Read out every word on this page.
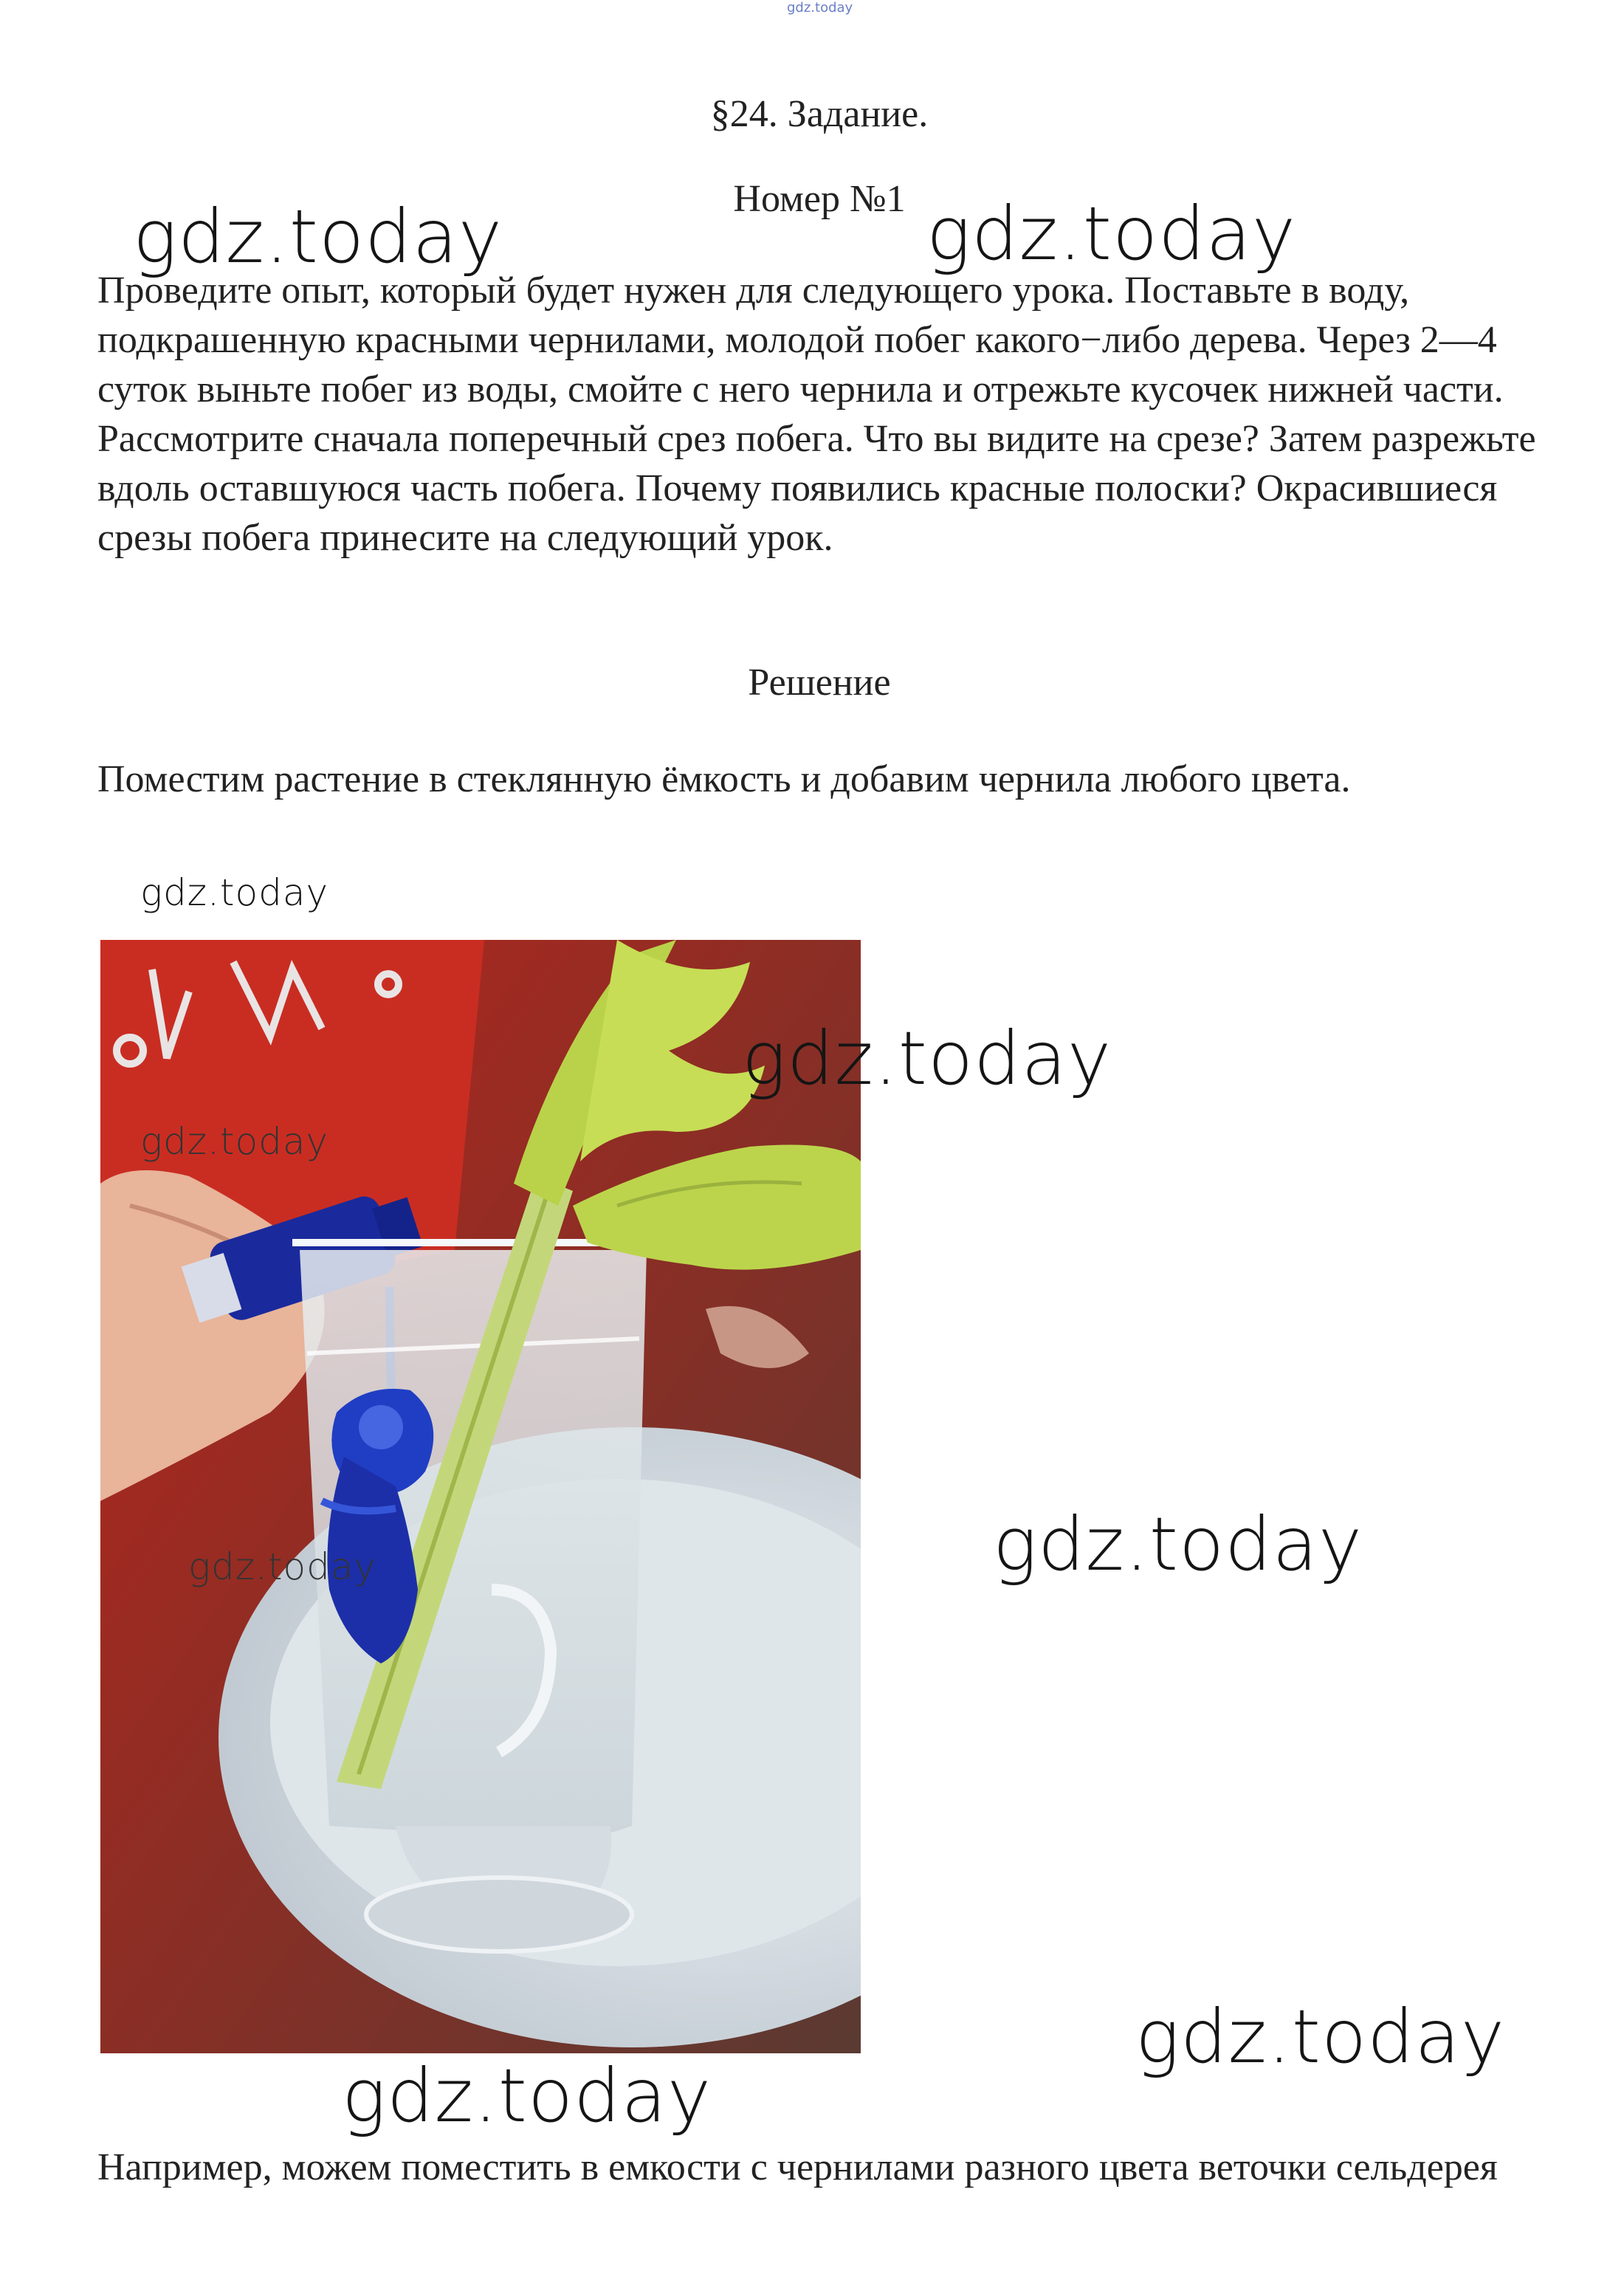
gdz.today
§24. Задание.
Номер №1
gdz.today	gdz.today
Проведите опыт, который будет нужен для следующего урока. Поставьте в воду, подкрашенную красными чернилами, молодой побег какого−либо дерева. Через 2—4 суток выньте побег из воды, смойте с него чернила и отрежьте кусочек нижней части. Рассмотрите сначала поперечный срез побега. Что вы видите на срезе? Затем разрежьте вдоль оставшуюся часть побега. Почему появились красные полоски? Окрасившиеся срезы побега принесите на следующий урок.
Решение
Поместим растение в стеклянную ёмкость и добавим чернила любого цвета.
gdz.today
gdz.today
gdz.today
gdz.today	gdz.today
gdz.today
gdz.today
Например, можем поместить в емкости с чернилами разного цвета веточки сельдерея
